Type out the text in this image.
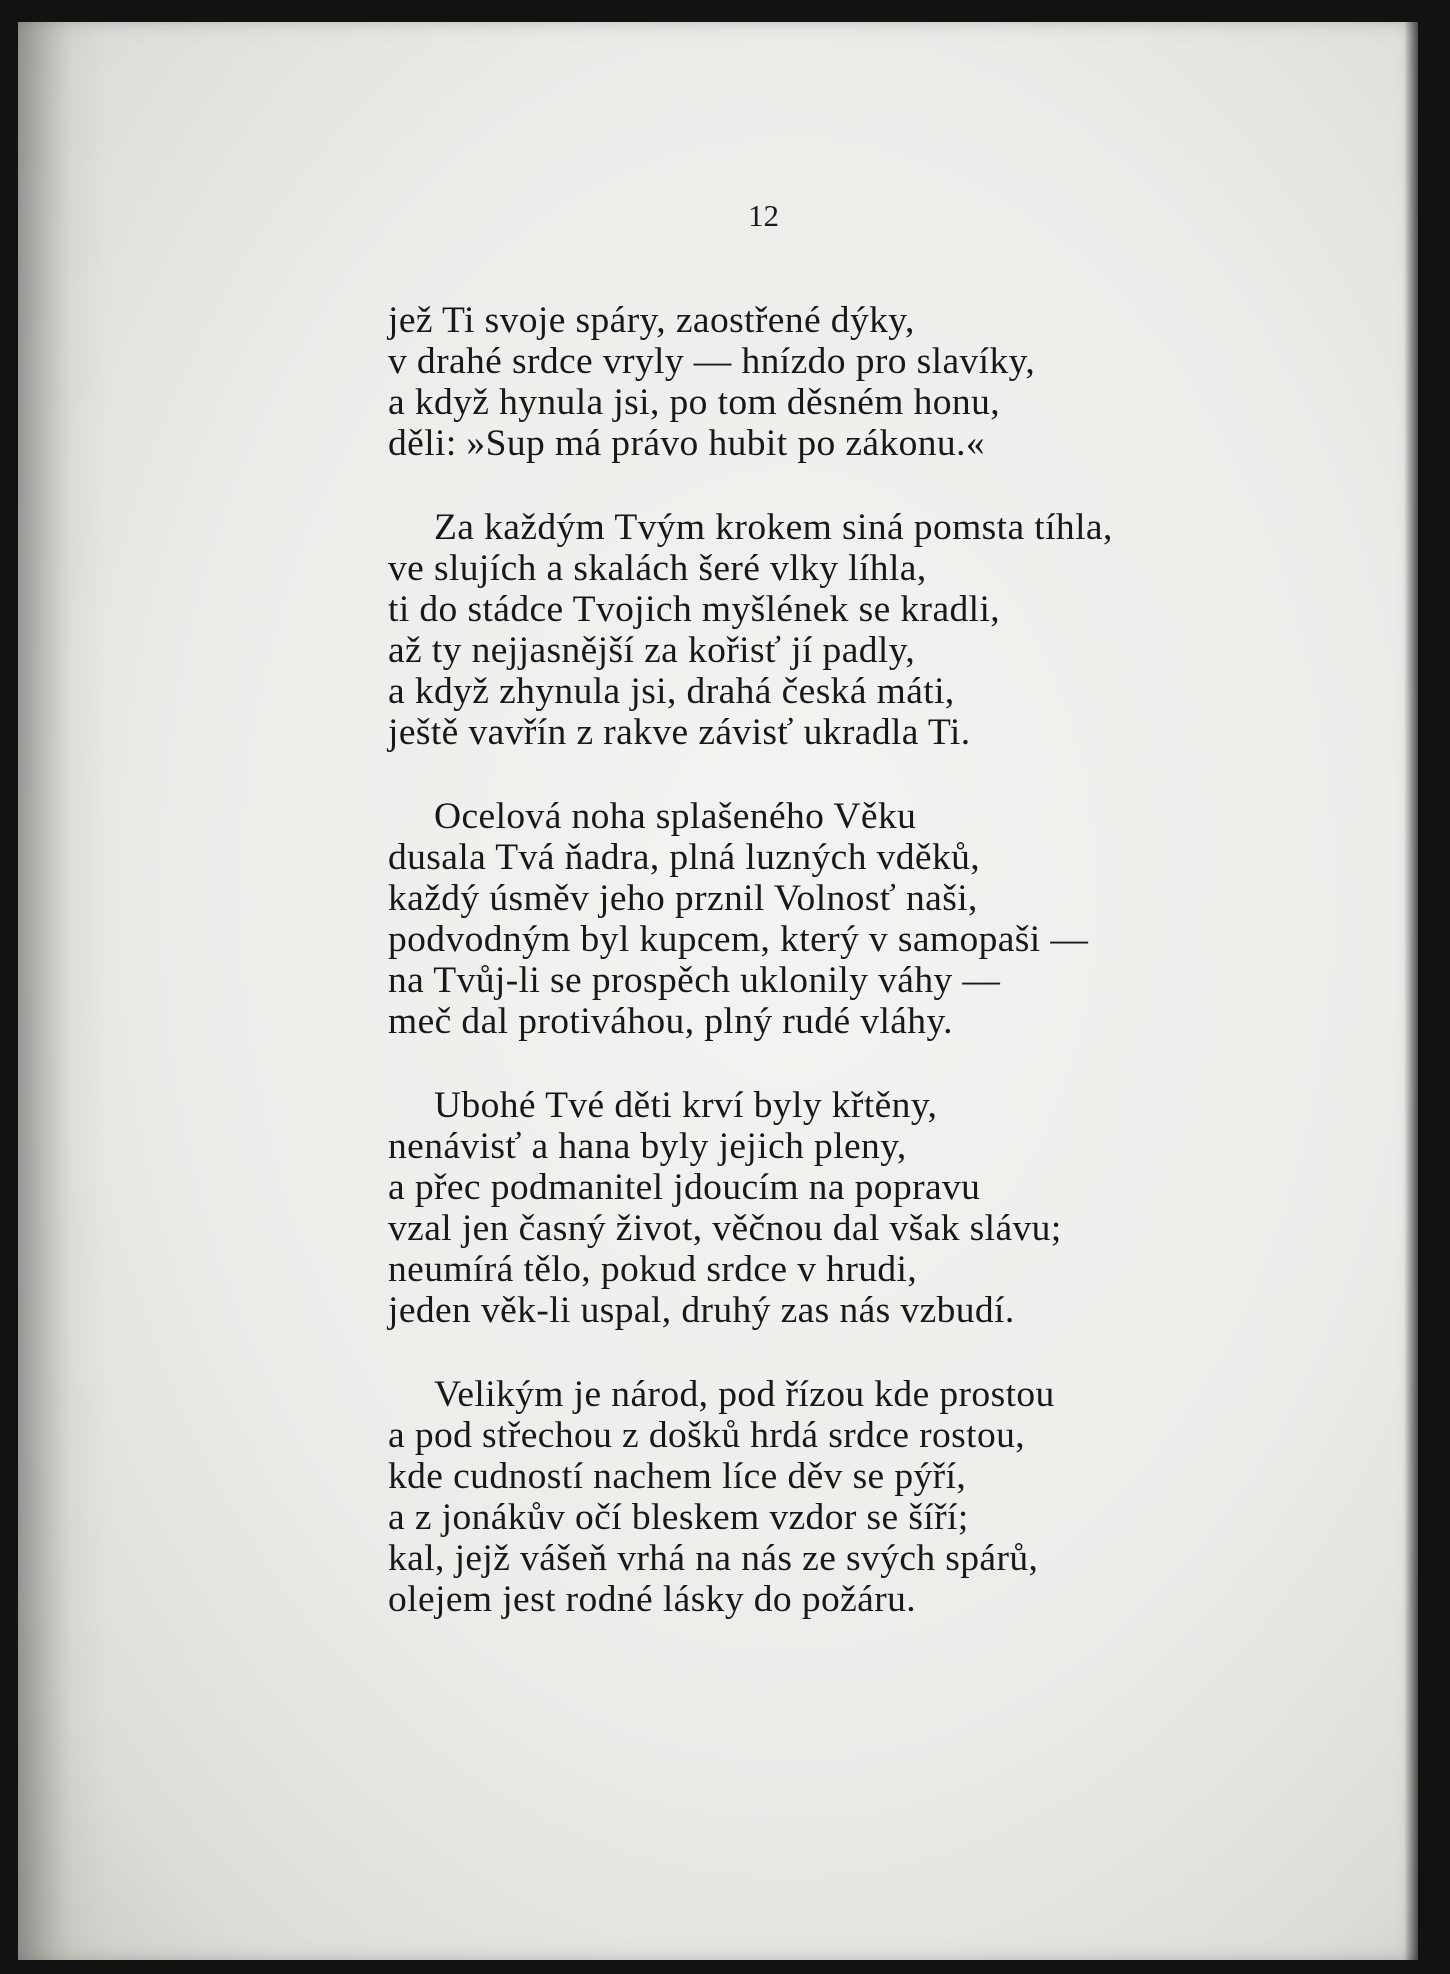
12

jež Ti svoje spáry, zaostřené dýky,
v drahé srdce vryly — hnízdo pro slavíky,
a když hynula jsi, po tom děsném honu,
děli: »Sup má právo hubit po zákonu.«
Za každým Tvým krokem siná pomsta tíhla,
ve slujích a skalách šeré vlky líhla,
ti do stádce Tvojich myšlének se kradli,
až ty nejjasnější za kořisť jí padly,
a když zhynula jsi, drahá česká máti,
ještě vavřín z rakve závisť ukradla Ti.
Ocelová noha splašeného Věku
dusala Tvá ňadra, plná luzných vděků,
každý úsměv jeho prznil Volnosť naši,
podvodným byl kupcem, který v samopaši —
na Tvůj-li se prospěch uklonily váhy —
meč dal protiváhou, plný rudé vláhy.
Ubohé Tvé děti krví byly křtěny,
nenávisť a hana byly jejich pleny,
a přec podmanitel jdoucím na popravu
vzal jen časný život, věčnou dal však slávu;
neumírá tělo, pokud srdce v hrudi,
jeden věk-li uspal, druhý zas nás vzbudí.
Velikým je národ, pod řízou kde prostou
a pod střechou z došků hrdá srdce rostou,
kde cudností nachem líce děv se pýří,
a z jonákův očí bleskem vzdor se šíří;
kal, jejž vášeň vrhá na nás ze svých spárů,
olejem jest rodné lásky do požáru.
